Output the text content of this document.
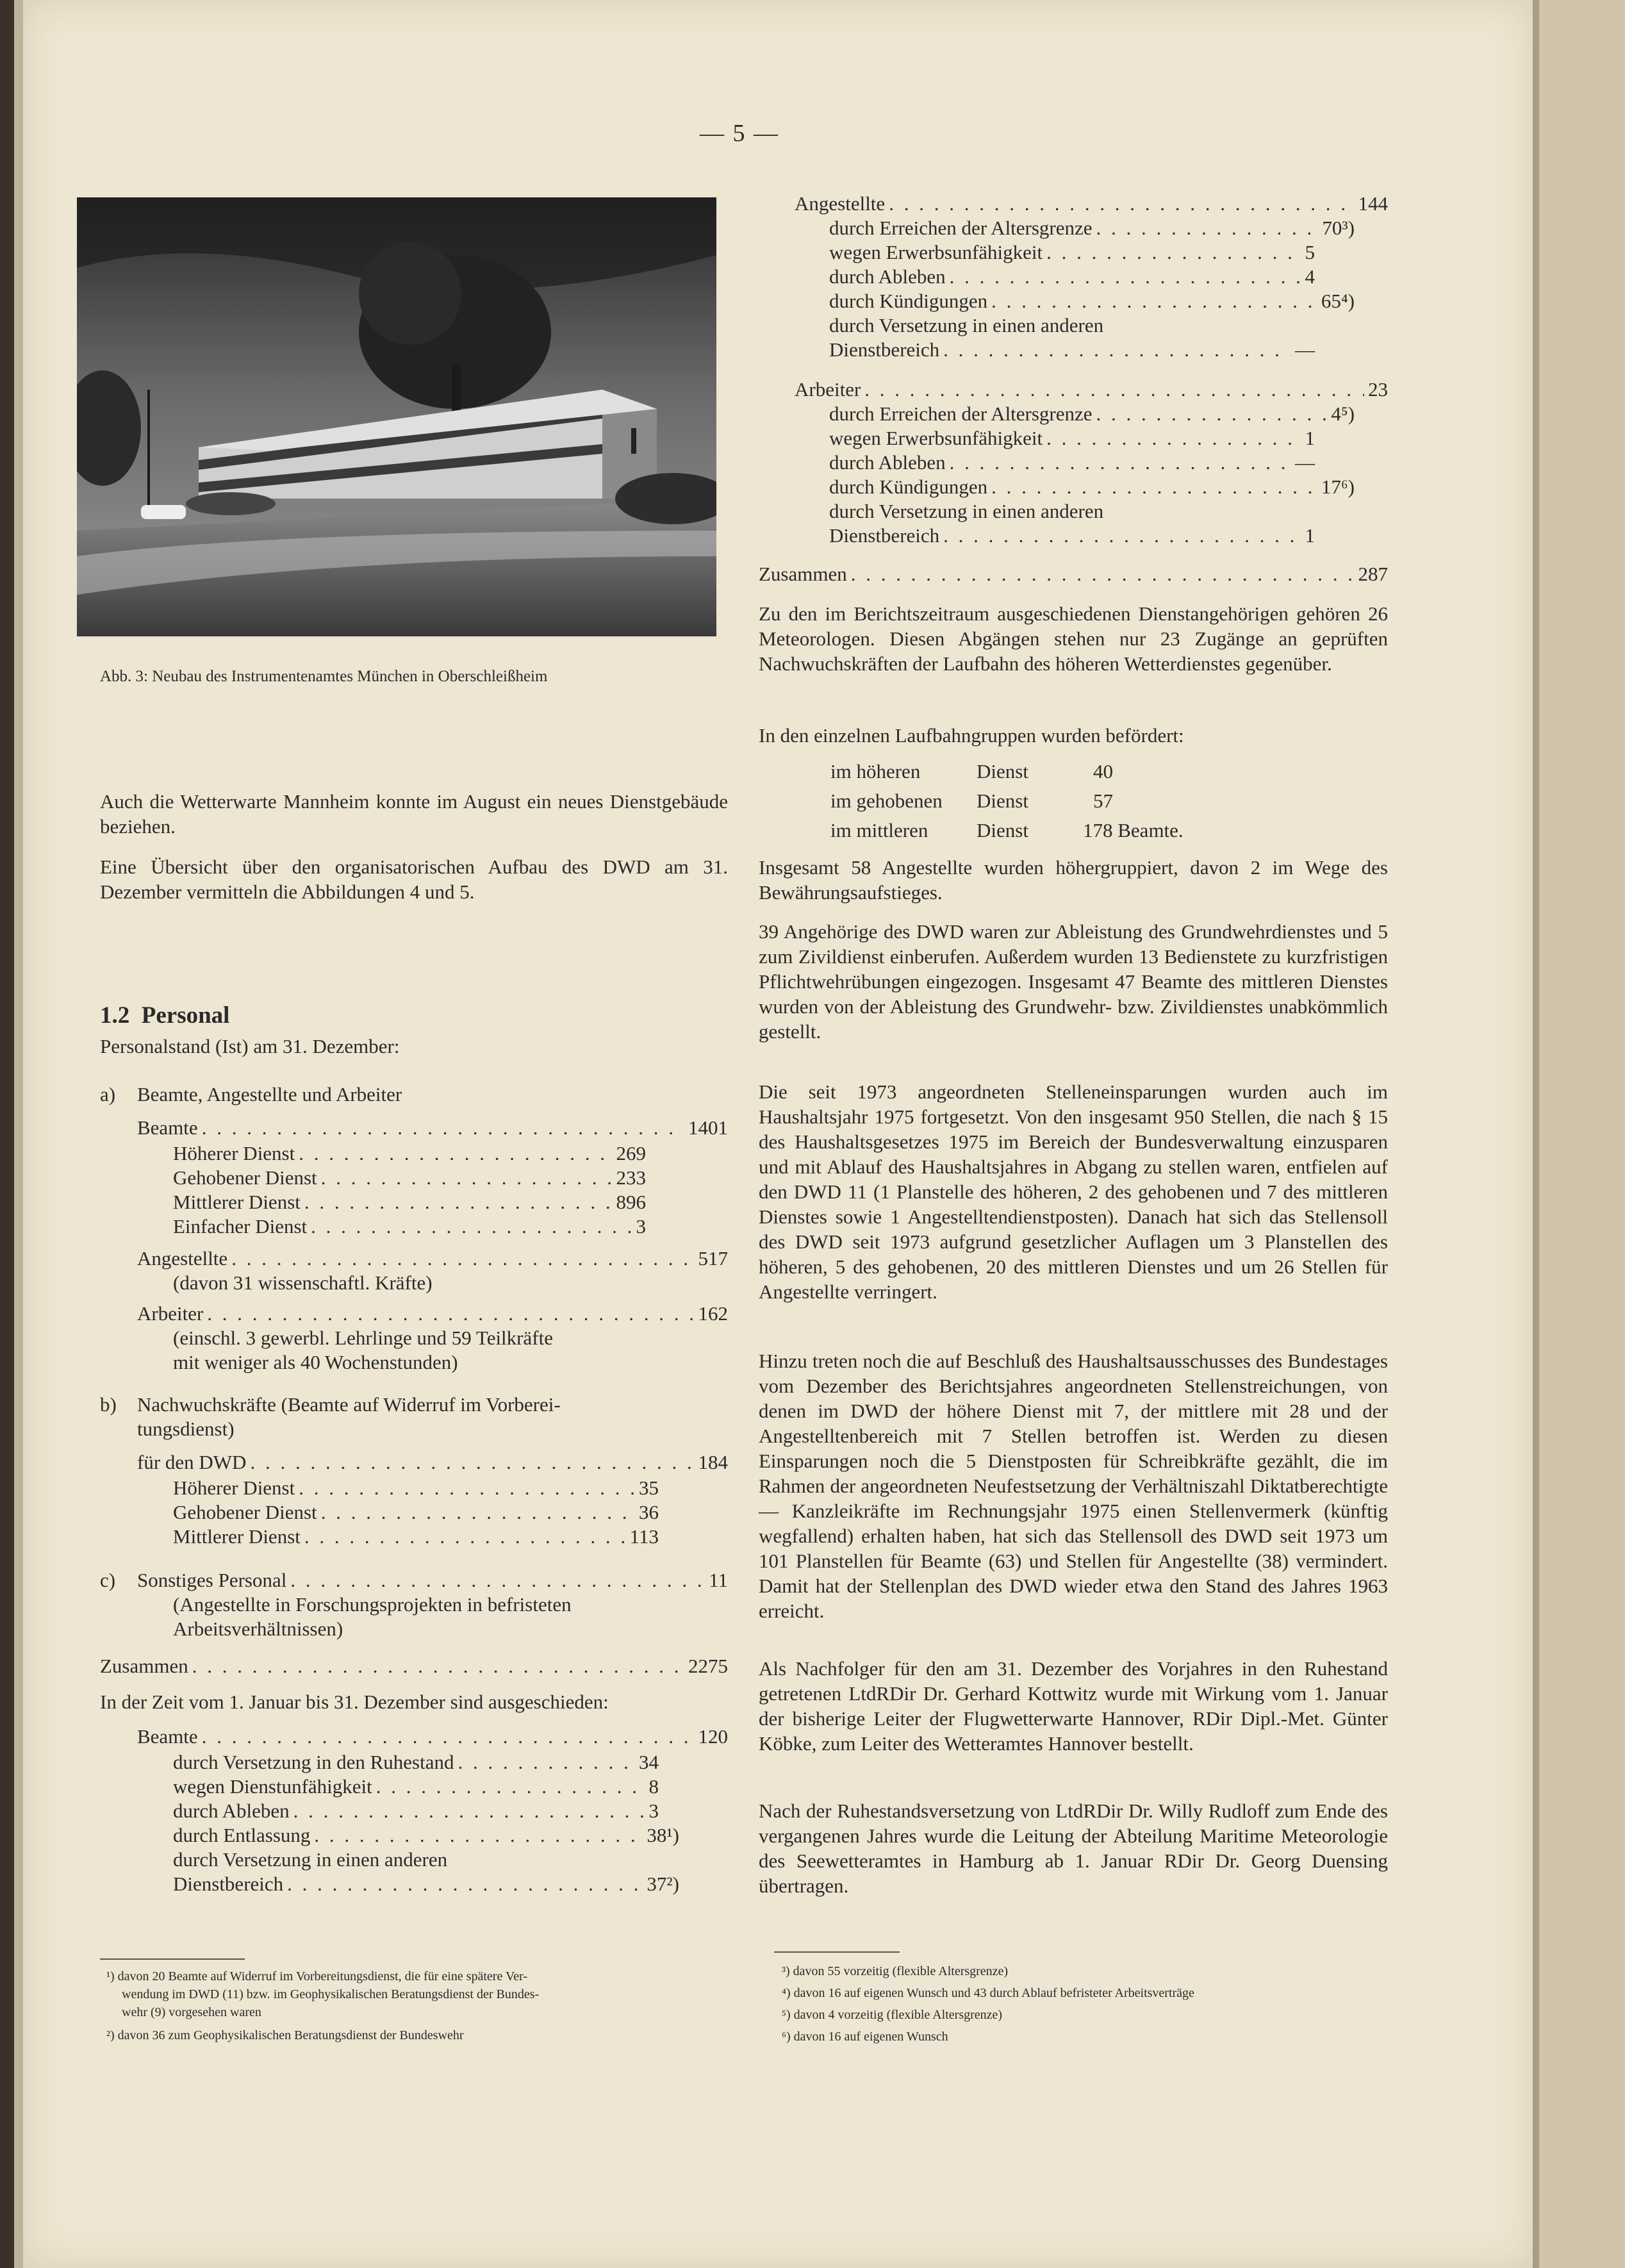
— 5 —
Abb. 3: Neubau des Instrumentenamtes München in Oberschleißheim
Auch die Wetterwarte Mannheim konnte im August ein neues Dienstgebäude beziehen.
Eine Übersicht über den organisatorischen Aufbau des DWD am 31. Dezember vermitteln die Abbildungen 4 und 5.
1.2 Personal
Personalstand (Ist) am 31. Dezember:
a) Beamte, Angestellte und Arbeiter
Beamte . . .	1401
Höherer Dienst . . .	269
Gehobener Dienst . . .	233
Mittlerer Dienst . . .	896
Einfacher Dienst . . .	3
Angestellte . . .	517
(davon 31 wissenschaftl. Kräfte)
Arbeiter . . .	162
(einschl. 3 gewerbl. Lehrlinge und 59 Teilkräfte
mit weniger als 40 Wochenstunden)
b) Nachwuchskräfte (Beamte auf Widerruf im Vorberei-
tungsdienst)
für den DWD . . .	184
Höherer Dienst . . .	35
Gehobener Dienst . . .	36
Mittlerer Dienst . . .	113
c) Sonstiges Personal . . .	11
(Angestellte in Forschungsprojekten in befristeten
Arbeitsverhältnissen)
Zusammen . . .	2275
In der Zeit vom 1. Januar bis 31. Dezember sind ausgeschieden:
Beamte . . .	120
durch Versetzung in den Ruhestand . . .	34
wegen Dienstunfähigkeit . . .	8
durch Ableben . . .	3
durch Entlassung . . .	38¹)
durch Versetzung in einen anderen
Dienstbereich . . .	37²)
¹) davon 20 Beamte auf Widerruf im Vorbereitungsdienst, die für eine spätere Ver-
wendung im DWD (11) bzw. im Geophysikalischen Beratungsdienst der Bundes-
wehr (9) vorgesehen waren
²) davon 36 zum Geophysikalischen Beratungsdienst der Bundeswehr
Angestellte . . .	144
durch Erreichen der Altersgrenze . . .	70³)
wegen Erwerbsunfähigkeit . . .	5
durch Ableben . . .	4
durch Kündigungen . . .	65⁴)
durch Versetzung in einen anderen
Dienstbereich . . .	—
Arbeiter . . .	23
durch Erreichen der Altersgrenze . . .	4⁵)
wegen Erwerbsunfähigkeit . . .	1
durch Ableben . . .	—
durch Kündigungen . . .	17⁶)
durch Versetzung in einen anderen
Dienstbereich . . .	1
Zusammen . . .	287
Zu den im Berichtszeitraum ausgeschiedenen Dienstangehörigen gehören 26 Meteorologen. Diesen Abgängen stehen nur 23 Zugänge an geprüften Nachwuchskräften der Laufbahn des höheren Wetterdienstes gegenüber.
In den einzelnen Laufbahngruppen wurden befördert:
im höheren	Dienst	40
im gehobenen Dienst	57
im mittleren Dienst	178 Beamte.
Insgesamt 58 Angestellte wurden höhergruppiert, davon 2 im Wege des Bewährungsaufstieges.
39 Angehörige des DWD waren zur Ableistung des Grundwehrdienstes und 5 zum Zivildienst einberufen. Außerdem wurden 13 Bedienstete zu kurzfristigen Pflichtwehrübungen eingezogen. Insgesamt 47 Beamte des mittleren Dienstes wurden von der Ableistung des Grundwehr- bzw. Zivildienstes unabkömmlich gestellt.
Die seit 1973 angeordneten Stelleneinsparungen wurden auch im Haushaltsjahr 1975 fortgesetzt. Von den insgesamt 950 Stellen, die nach § 15 des Haushaltsgesetzes 1975 im Bereich der Bundesverwaltung einzusparen und mit Ablauf des Haushaltsjahres in Abgang zu stellen waren, entfielen auf den DWD 11 (1 Planstelle des höheren, 2 des gehobenen und 7 des mittleren Dienstes sowie 1 Angestelltendienstposten). Danach hat sich das Stellensoll des DWD seit 1973 aufgrund gesetzlicher Auflagen um 3 Planstellen des höheren, 5 des gehobenen, 20 des mittleren Dienstes und um 26 Stellen für Angestellte verringert.
Hinzu treten noch die auf Beschluß des Haushaltsausschusses des Bundestages vom Dezember des Berichtsjahres angeordneten Stellenstreichungen, von denen im DWD der höhere Dienst mit 7, der mittlere mit 28 und der Angestelltenbereich mit 7 Stellen betroffen ist. Werden zu diesen Einsparungen noch die 5 Dienstposten für Schreibkräfte gezählt, die im Rahmen der angeordneten Neufestsetzung der Verhältniszahl Diktatberechtigte — Kanzleikräfte im Rechnungsjahr 1975 einen Stellenvermerk (künftig wegfallend) erhalten haben, hat sich das Stellensoll des DWD seit 1973 um 101 Planstellen für Beamte (63) und Stellen für Angestellte (38) vermindert. Damit hat der Stellenplan des DWD wieder etwa den Stand des Jahres 1963 erreicht.
Als Nachfolger für den am 31. Dezember des Vorjahres in den Ruhestand getretenen LtdRDir Dr. Gerhard Kottwitz wurde mit Wirkung vom 1. Januar der bisherige Leiter der Flugwetterwarte Hannover, RDir Dipl.-Met. Günter Köbke, zum Leiter des Wetteramtes Hannover bestellt.
Nach der Ruhestandsversetzung von LtdRDir Dr. Willy Rudloff zum Ende des vergangenen Jahres wurde die Leitung der Abteilung Maritime Meteorologie des Seewetteramtes in Hamburg ab 1. Januar RDir Dr. Georg Duensing übertragen.
³) davon 55 vorzeitig (flexible Altersgrenze)
⁴) davon 16 auf eigenen Wunsch und 43 durch Ablauf befristeter Arbeitsverträge
⁵) davon 4 vorzeitig (flexible Altersgrenze)
⁶) davon 16 auf eigenen Wunsch
